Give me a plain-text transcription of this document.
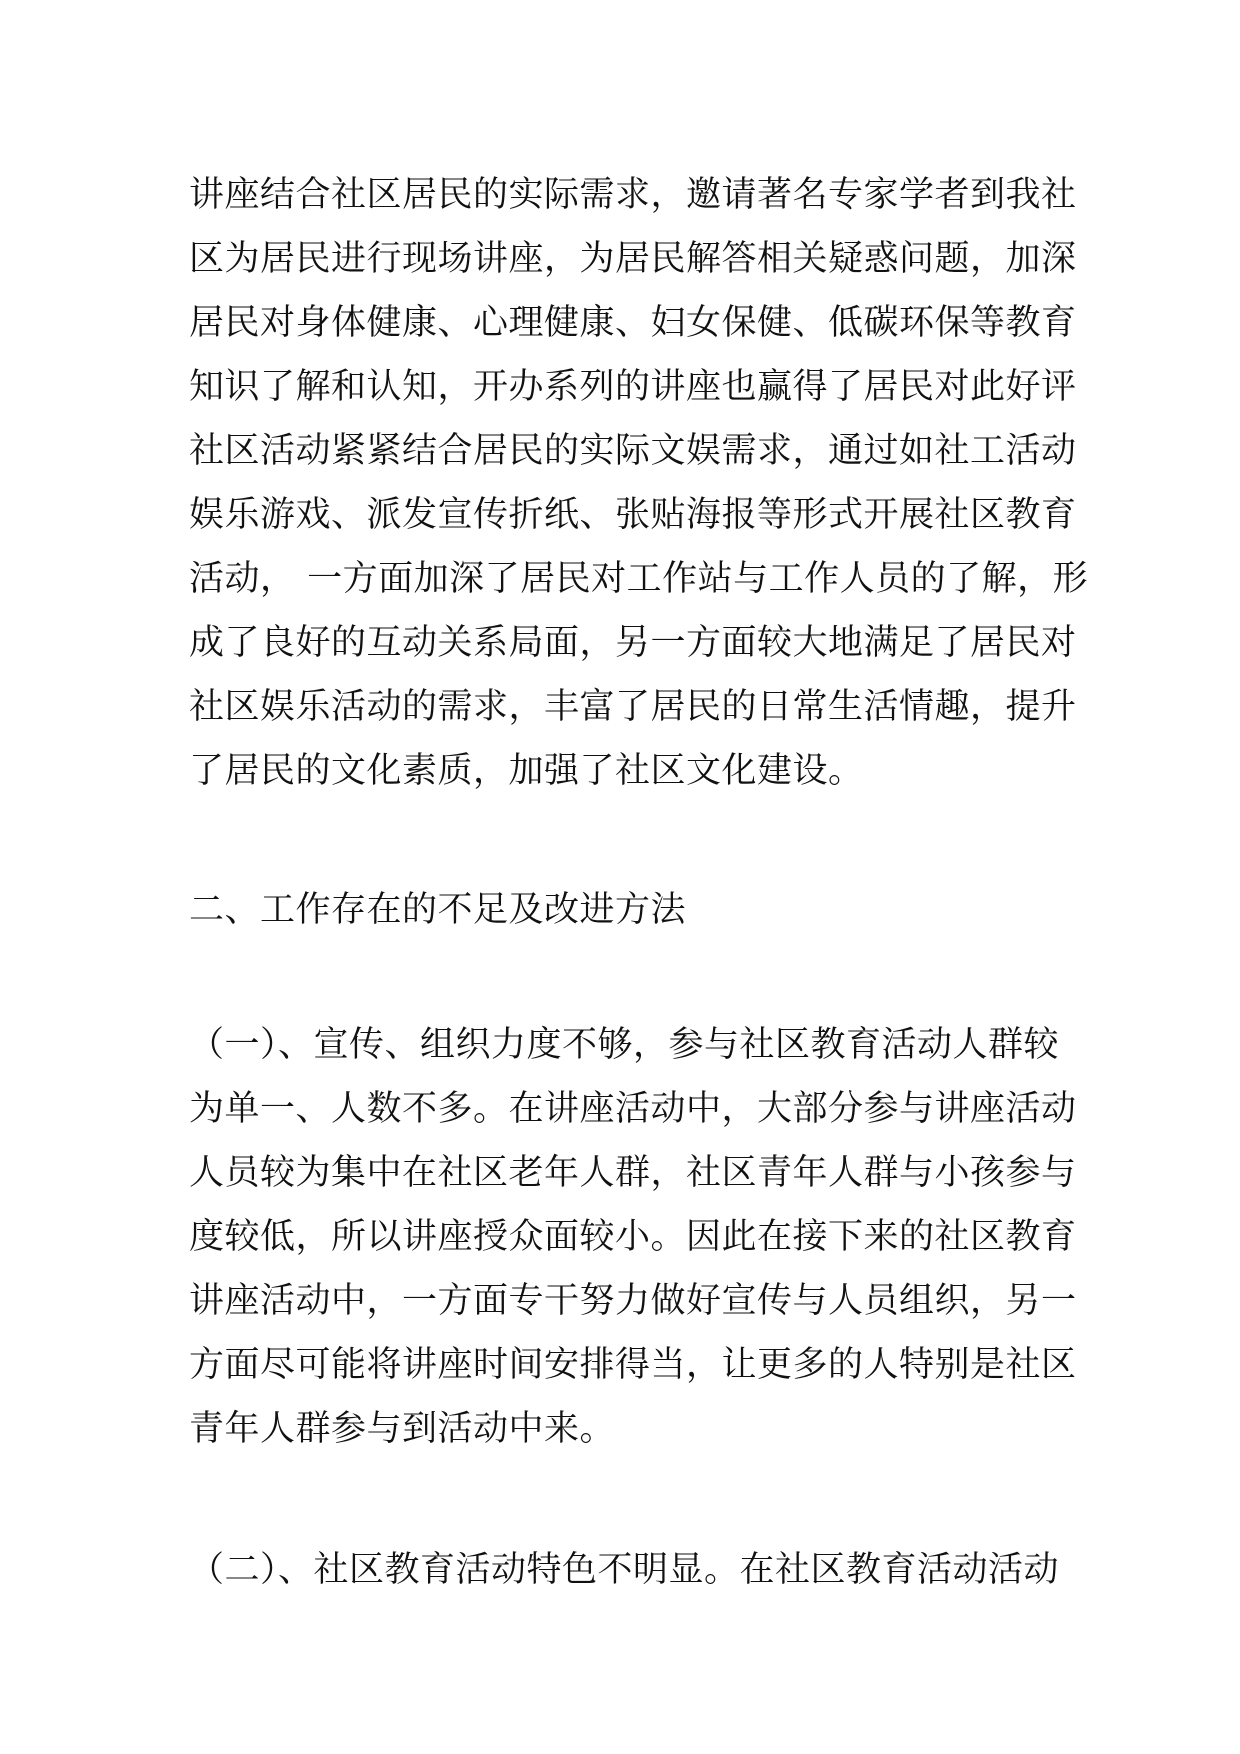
讲座结合社区居民的实际需求，邀请著名专家学者到我社
区为居民进行现场讲座，为居民解答相关疑惑问题，加深
居民对身体健康、心理健康、妇女保健、低碳环保等教育
知识了解和认知，开办系列的讲座也赢得了居民对此好评
社区活动紧紧结合居民的实际文娱需求，通过如社工活动
娱乐游戏、派发宣传折纸、张贴海报等形式开展社区教育
活动， 一方面加深了居民对工作站与工作人员的了解，形
成了良好的互动关系局面，另一方面较大地满足了居民对
社区娱乐活动的需求，丰富了居民的日常生活情趣，提升
了居民的文化素质，加强了社区文化建设。
二、工作存在的不足及改进方法
（一）、宣传、组织力度不够，参与社区教育活动人群较
为单一、人数不多。在讲座活动中，大部分参与讲座活动
人员较为集中在社区老年人群，社区青年人群与小孩参与
度较低，所以讲座授众面较小。因此在接下来的社区教育
讲座活动中，一方面专干努力做好宣传与人员组织，另一
方面尽可能将讲座时间安排得当，让更多的人特别是社区
青年人群参与到活动中来。
（二）、社区教育活动特色不明显。在社区教育活动活动
